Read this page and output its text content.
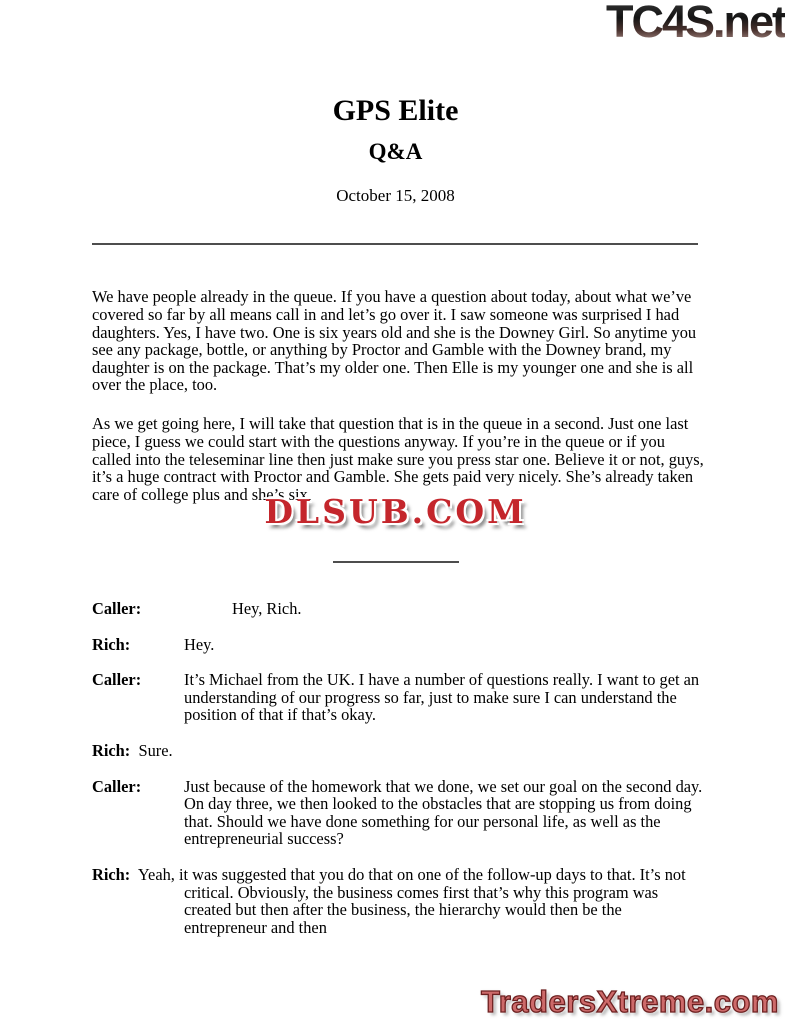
TC4S.net
GPS Elite
Q&A
October 15, 2008

We have people already in the queue. If you have a question about today, about what we’ve covered so far by all means call in and let’s go over it. I saw someone was surprised I had daughters. Yes, I have two. One is six years old and she is the Downey Girl. So anytime you see any package, bottle, or anything by Proctor and Gamble with the Downey brand, my daughter is on the package. That’s my older one. Then Elle is my younger one and she is all over the place, too.

As we get going here, I will take that question that is in the queue in a second. Just one last piece, I guess we could start with the questions anyway. If you’re in the queue or if you called into the teleseminar line then just make sure you press star one. Believe it or not, guys, it’s a huge contract with Proctor and Gamble. She gets paid very nicely. She’s already taken care of college plus and she’s six.

DLSUB.COM
Caller:	Hey, Rich.
Rich:	Hey.
Caller:	It’s Michael from the UK. I have a number of questions really. I want to get an understanding of our progress so far, just to make sure I can understand the position of that if that’s okay.
Rich: Sure.
Caller:	Just because of the homework that we done, we set our goal on the second day. On day three, we then looked to the obstacles that are stopping us from doing that. Should we have done something for our personal life, as well as the entrepreneurial success?
Rich: Yeah, it was suggested that you do that on one of the follow-up days to that. It’s not critical. Obviously, the business comes first that’s why this program was created but then after the business, the hierarchy would then be the entrepreneur and then
TradersXtreme.com
